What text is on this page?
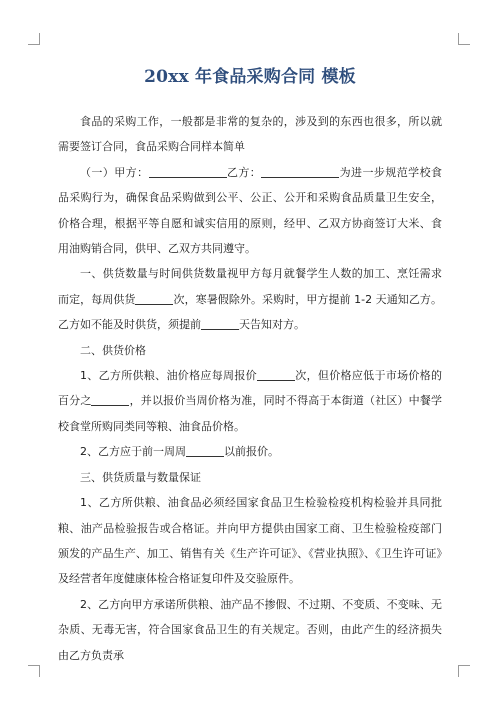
20xx 年食品采购合同 模板

食品的采购工作，一般都是非常的复杂的，涉及到的东西也很多，所以就需要签订合同，食品采购合同样本简单

（一）甲方：	乙方：	为进一步规范学校食品采购行为，确保食品采购做到公平、公正、公开和采购食品质量卫生安全，价格合理，根据平等自愿和诚实信用的原则，经甲、乙双方协商签订大米、食用油购销合同，供甲、乙双方共同遵守。

一、供货数量与时间供货数量视甲方每月就餐学生人数的加工、烹饪需求而定，每周供货	次，寒暑假除外。采购时，甲方提前 1-2 天通知乙方。乙方如不能及时供货，须提前	天告知对方。

二、供货价格

1、乙方所供粮、油价格应每周报价	次，但价格应低于市场价格的百分之	，并以报价当周价格为准，同时不得高于本街道（社区）中餐学校食堂所购同类同等粮、油食品价格。

2、乙方应于前一周周	以前报价。

三、供货质量与数量保证

1、乙方所供粮、油食品必须经国家食品卫生检验检疫机构检验并具同批粮、油产品检验报告或合格证。并向甲方提供由国家工商、卫生检验检疫部门颁发的产品生产、加工、销售有关《生产许可证》、《营业执照》、《卫生许可证》及经营者年度健康体检合格证复印件及交验原件。

2、乙方向甲方承诺所供粮、油产品不掺假、不过期、不变质、不变味、无杂质、无毒无害，符合国家食品卫生的有关规定。否则，由此产生的经济损失由乙方负责承
